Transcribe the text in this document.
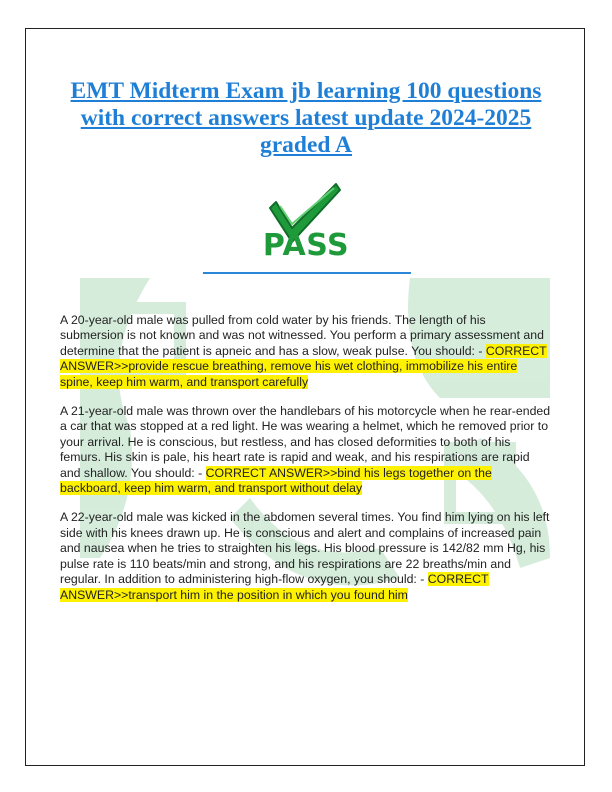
EMT Midterm Exam jb learning 100 questions with correct answers latest update 2024-2025 graded A
PASS

A 20-year-old male was pulled from cold water by his friends. The length of his submersion is not known and was not witnessed. You perform a primary assessment and determine that the patient is apneic and has a slow, weak pulse. You should: - CORRECT ANSWER>>provide rescue breathing, remove his wet clothing, immobilize his entire spine, keep him warm, and transport carefully

A 21-year-old male was thrown over the handlebars of his motorcycle when he rear-ended a car that was stopped at a red light. He was wearing a helmet, which he removed prior to your arrival. He is conscious, but restless, and has closed deformities to both of his femurs. His skin is pale, his heart rate is rapid and weak, and his respirations are rapid and shallow. You should: - CORRECT ANSWER>>bind his legs together on the backboard, keep him warm, and transport without delay

A 22-year-old male was kicked in the abdomen several times. You find him lying on his left side with his knees drawn up. He is conscious and alert and complains of increased pain and nausea when he tries to straighten his legs. His blood pressure is 142/82 mm Hg, his pulse rate is 110 beats/min and strong, and his respirations are 22 breaths/min and regular. In addition to administering high-flow oxygen, you should: - CORRECT ANSWER>>transport him in the position in which you found him
